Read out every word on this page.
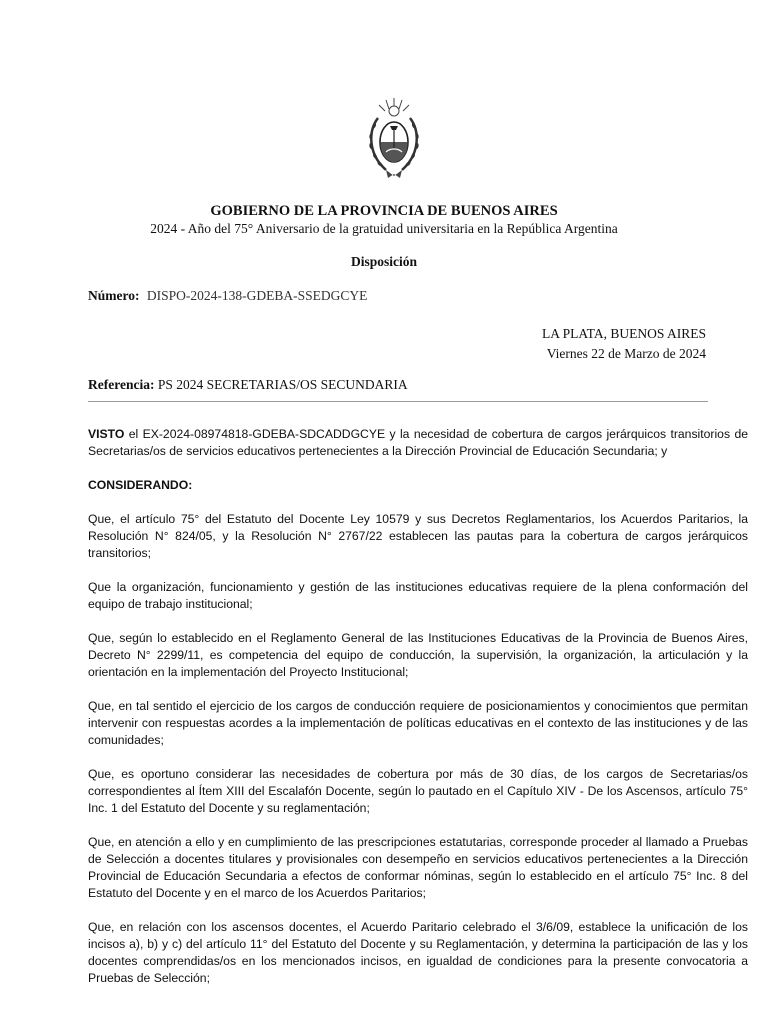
GOBIERNO DE LA PROVINCIA DE BUENOS AIRES
2024 - Año del 75° Aniversario de la gratuidad universitaria en la República Argentina
Disposición
Número: DISPO-2024-138-GDEBA-SSEDGCYE
LA PLATA, BUENOS AIRES
Viernes 22 de Marzo de 2024
Referencia: PS 2024 SECRETARIAS/OS SECUNDARIA

VISTO el EX-2024-08974818-GDEBA-SDCADDGCYE y la necesidad de cobertura de cargos jerárquicos transitorios de Secretarias/os de servicios educativos pertenecientes a la Dirección Provincial de Educación Secundaria; y

CONSIDERANDO:

Que, el artículo 75° del Estatuto del Docente Ley 10579 y sus Decretos Reglamentarios, los Acuerdos Paritarios, la Resolución N° 824/05, y la Resolución N° 2767/22 establecen las pautas para la cobertura de cargos jerárquicos transitorios;

Que la organización, funcionamiento y gestión de las instituciones educativas requiere de la plena conformación del equipo de trabajo institucional;

Que, según lo establecido en el Reglamento General de las Instituciones Educativas de la Provincia de Buenos Aires, Decreto N° 2299/11, es competencia del equipo de conducción, la supervisión, la organización, la articulación y la orientación en la implementación del Proyecto Institucional;

Que, en tal sentido el ejercicio de los cargos de conducción requiere de posicionamientos y conocimientos que permitan intervenir con respuestas acordes a la implementación de políticas educativas en el contexto de las instituciones y de las comunidades;

Que, es oportuno considerar las necesidades de cobertura por más de 30 días, de los cargos de Secretarias/os correspondientes al Ítem XIII del Escalafón Docente, según lo pautado en el Capítulo XIV - De los Ascensos, artículo 75° Inc. 1 del Estatuto del Docente y su reglamentación;

Que, en atención a ello y en cumplimiento de las prescripciones estatutarias, corresponde proceder al llamado a Pruebas de Selección a docentes titulares y provisionales con desempeño en servicios educativos pertenecientes a la Dirección Provincial de Educación Secundaria a efectos de conformar nóminas, según lo establecido en el artículo 75° Inc. 8 del Estatuto del Docente y en el marco de los Acuerdos Paritarios;

Que, en relación con los ascensos docentes, el Acuerdo Paritario celebrado el 3/6/09, establece la unificación de los incisos a), b) y c) del artículo 11° del Estatuto del Docente y su Reglamentación, y determina la participación de las y los docentes comprendidas/os en los mencionados incisos, en igualdad de condiciones para la presente convocatoria a Pruebas de Selección;
